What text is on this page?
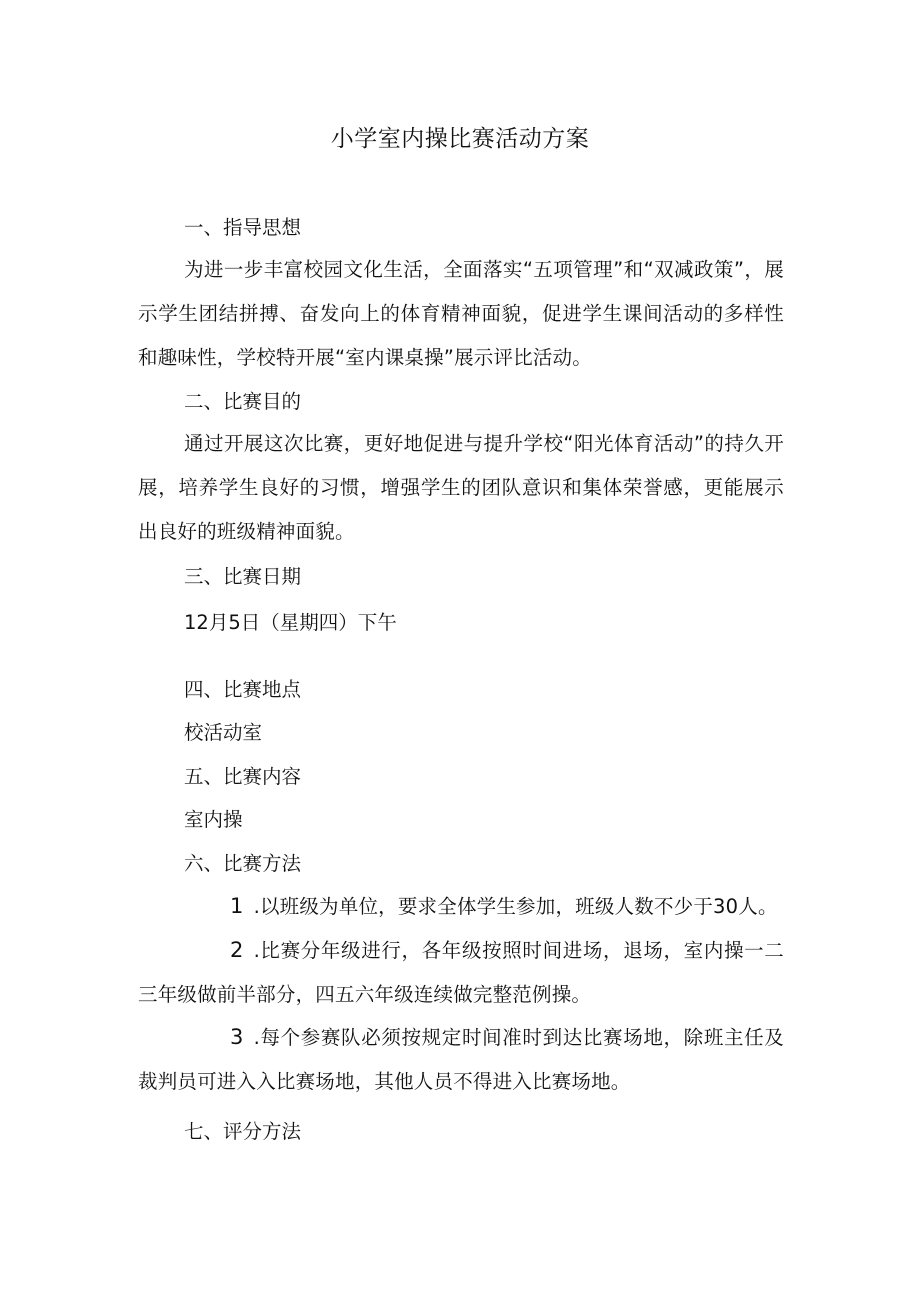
小学室内操比赛活动方案
一、指导思想
为进一步丰富校园文化生活，全面落实“五项管理”和“双减政策”，展示学生团结拼搏、奋发向上的体育精神面貌，促进学生课间活动的多样性和趣味性，学校特开展“室内课桌操”展示评比活动。
二、比赛目的
通过开展这次比赛，更好地促进与提升学校“阳光体育活动”的持久开展，培养学生良好的习惯，增强学生的团队意识和集体荣誉感，更能展示出良好的班级精神面貌。
三、比赛日期
12月5日（星期四）下午
四、比赛地点
校活动室
五、比赛内容
室内操
六、比赛方法
1 .以班级为单位，要求全体学生参加，班级人数不少于30人。
2 .比赛分年级进行，各年级按照时间进场，退场，室内操一二三年级做前半部分，四五六年级连续做完整范例操。
3 .每个参赛队必须按规定时间准时到达比赛场地，除班主任及裁判员可进入入比赛场地，其他人员不得进入比赛场地。
七、评分方法
